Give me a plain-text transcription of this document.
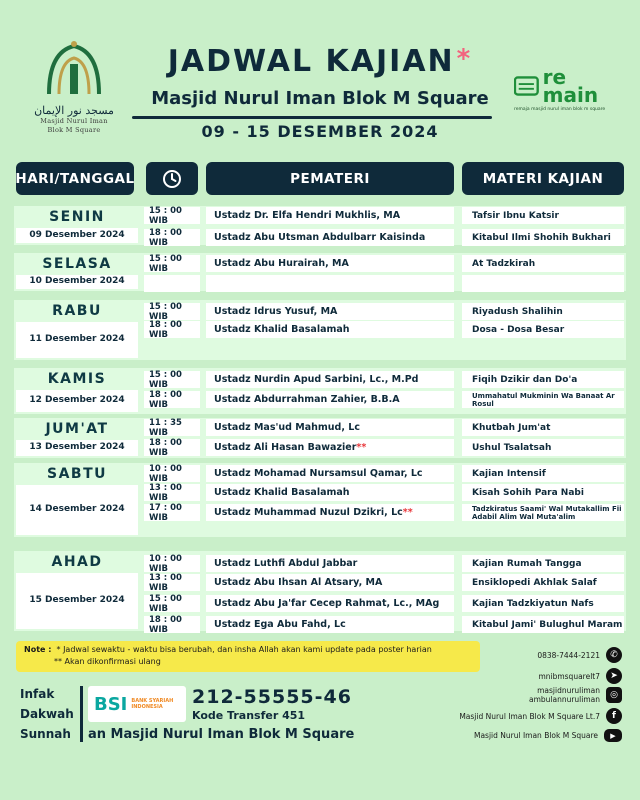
مسجد نور الإيمان
Masjid Nurul Iman
Blok M Square
JADWAL KAJIAN*
Masjid Nurul Iman Blok M Square
09 - 15 DESEMBER 2024
re main
remaja masjid nurul iman blok m square
HARI/TANGGAL	PEMATERI	MATERI KAJIAN
SENIN
09 Desember 2024
15 : 00 WIB	Ustadz Dr. Elfa Hendri Mukhlis, MA	Tafsir Ibnu Katsir
18 : 00 WIB	Ustadz Abu Utsman Abdulbarr Kaisinda	Kitabul Ilmi Shohih Bukhari
SELASA
10 Desember 2024
15 : 00 WIB	Ustadz Abu Hurairah, MA	At Tadzkirah
RABU
11 Desember 2024
15 : 00 WIB	Ustadz Idrus Yusuf, MA	Riyadush Shalihin
18 : 00 WIB	Ustadz Khalid Basalamah	Dosa - Dosa Besar
KAMIS
12 Desember 2024
15 : 00 WIB	Ustadz Nurdin Apud Sarbini, Lc., M.Pd	Fiqih Dzikir dan Do'a
18 : 00 WIB	Ustadz Abdurrahman Zahier, B.B.A	Ummahatul Mukminin Wa Banaat Ar Rosul
JUM'AT
13 Desember 2024
11 : 35 WIB	Ustadz Mas'ud Mahmud, Lc	Khutbah Jum'at
18 : 00 WIB	Ustadz Ali Hasan Bawazier **	Ushul Tsalatsah
SABTU
14 Desember 2024
10 : 00 WIB	Ustadz Mohamad Nursamsul Qamar, Lc	Kajian Intensif
13 : 00 WIB	Ustadz Khalid Basalamah	Kisah Sohih Para Nabi
17 : 00 WIB	Ustadz Muhammad Nuzul Dzikri, Lc **	Tadzkiratus Saami' Wal Mutakallim Fii Adabil Alim Wal Muta'alim
AHAD
15 Desember 2024
10 : 00 WIB	Ustadz Luthfi Abdul Jabbar	Kajian Rumah Tangga
13 : 00 WIB	Ustadz Abu Ihsan Al Atsary, MA	Ensiklopedi Akhlak Salaf
15 : 00 WIB	Ustadz Abu Ja'far Cecep Rahmat, Lc., MAg	Kajian Tadzkiyatun Nafs
18 : 00 WIB	Ustadz Ega Abu Fahd, Lc	Kitabul Jami' Bulughul Maram
Note : * Jadwal sewaktu - waktu bisa berubah, dan insha Allah akan kami update pada poster harian
** Akan dikonfirmasi ulang
Infak
Dakwah
Sunnah
BSI BANK SYARIAH INDONESIA	212-55555-46
Kode Transfer 451
an Masjid Nurul Iman Blok M Square
0838-7444-2121	✆
mnibmsquarelt7	➤
masjidnuruliman
ambulannuruliman	◎
Masjid Nurul Iman Blok M Square Lt.7	f
Masjid Nurul Iman Blok M Square	▶
